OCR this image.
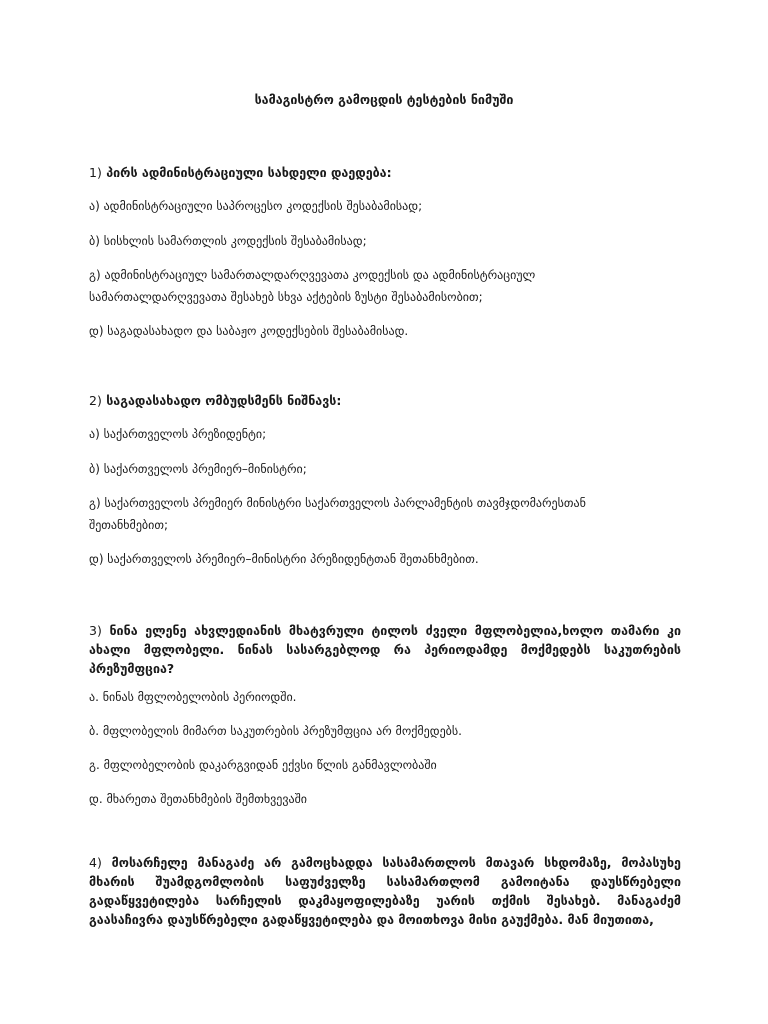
სამაგისტრო გამოცდის ტესტების ნიმუში
1) პირს ადმინისტრაციული სახდელი დაედება:
ა) ადმინისტრაციული საპროცესო კოდექსის შესაბამისად;
ბ) სისხლის სამართლის კოდექსის შესაბამისად;
გ) ადმინისტრაციულ სამართალდარღვევათა კოდექსის და ადმინისტრაციულ
სამართალდარღვევათა შესახებ სხვა აქტების ზუსტი შესაბამისობით;
დ) საგადასახადო და საბაჟო კოდექსების შესაბამისად.
2) საგადასახადო ომბუდსმენს ნიშნავს:
ა) საქართველოს პრეზიდენტი;
ბ) საქართველოს პრემიერ–მინისტრი;
გ) საქართველოს პრემიერ მინისტრი საქართველოს პარლამენტის თავმჯდომარესთან
შეთანხმებით;
დ) საქართველოს პრემიერ–მინისტრი პრეზიდენტთან შეთანხმებით.
3) ნინა ელენე ახვლედიანის მხატვრული ტილოს ძველი მფლობელია,ხოლო თამარი კი ახალი მფლობელი. ნინას სასარგებლოდ რა პერიოდამდე მოქმედებს საკუთრების პრეზუმფცია?
ა. ნინას მფლობელობის პერიოდში.
ბ. მფლობელის მიმართ საკუთრების პრეზუმფცია არ მოქმედებს.
გ. მფლობელობის დაკარგვიდან ექვსი წლის განმავლობაში
დ. მხარეთა შეთანხმების შემთხვევაში
4) მოსარჩელე მანაგაძე არ გამოცხადდა სასამართლოს მთავარ სხდომაზე, მოპასუხე მხარის შუამდგომლობის საფუძველზე სასამართლომ გამოიტანა დაუსწრებელი გადაწყვეტილება სარჩელის დაკმაყოფილებაზე უარის თქმის შესახებ. მანაგაძემ გაასაჩივრა დაუსწრებელი გადაწყვეტილება და მოითხოვა მისი გაუქმება. მან მიუთითა,
